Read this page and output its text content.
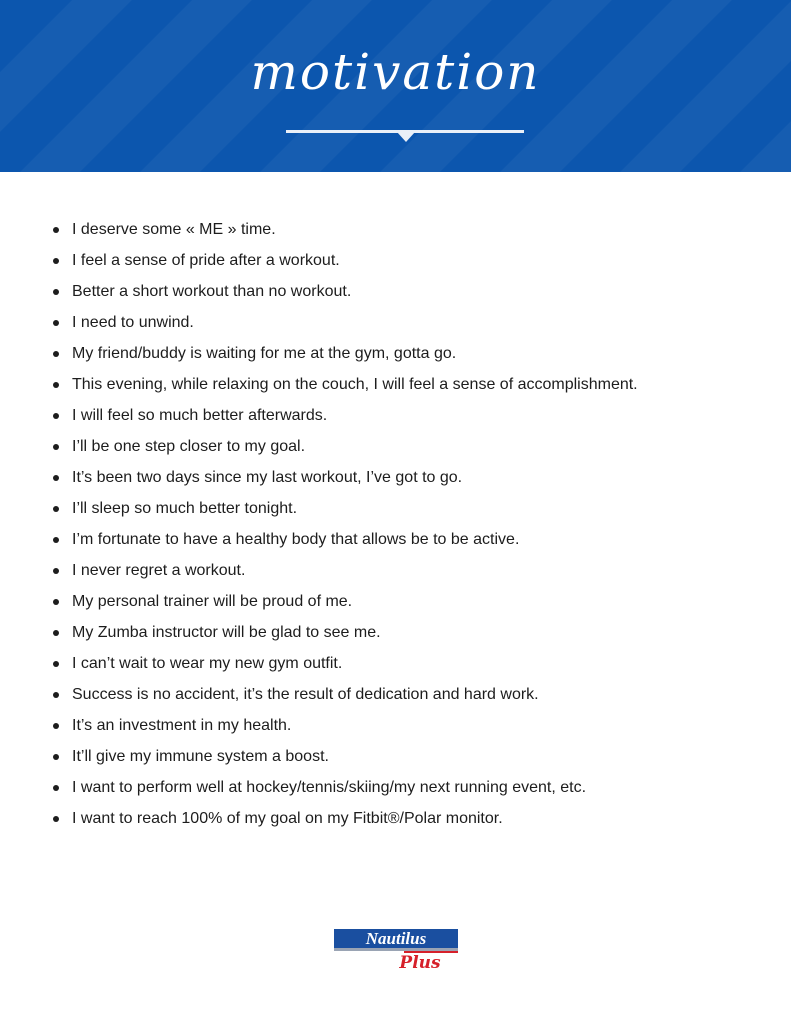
motivation
I deserve some « ME » time.
I feel a sense of pride after a workout.
Better a short workout than no workout.
I need to unwind.
My friend/buddy is waiting for me at the gym, gotta go.
This evening, while relaxing on the couch, I will feel a sense of accomplishment.
I will feel so much better afterwards.
I’ll be one step closer to my goal.
It’s been two days since my last workout, I’ve got to go.
I’ll sleep so much better tonight.
I’m fortunate to have a healthy body that allows be to be active.
I never regret a workout.
My personal trainer will be proud of me.
My Zumba instructor will be glad to see me.
I can’t wait to wear my new gym outfit.
Success is no accident, it’s the result of dedication and hard work.
It’s an investment in my health.
It’ll give my immune system a boost.
I want to perform well at hockey/tennis/skiing/my next running event, etc.
I want to reach 100% of my goal on my Fitbit®/Polar monitor.
Nautilus
Plus
